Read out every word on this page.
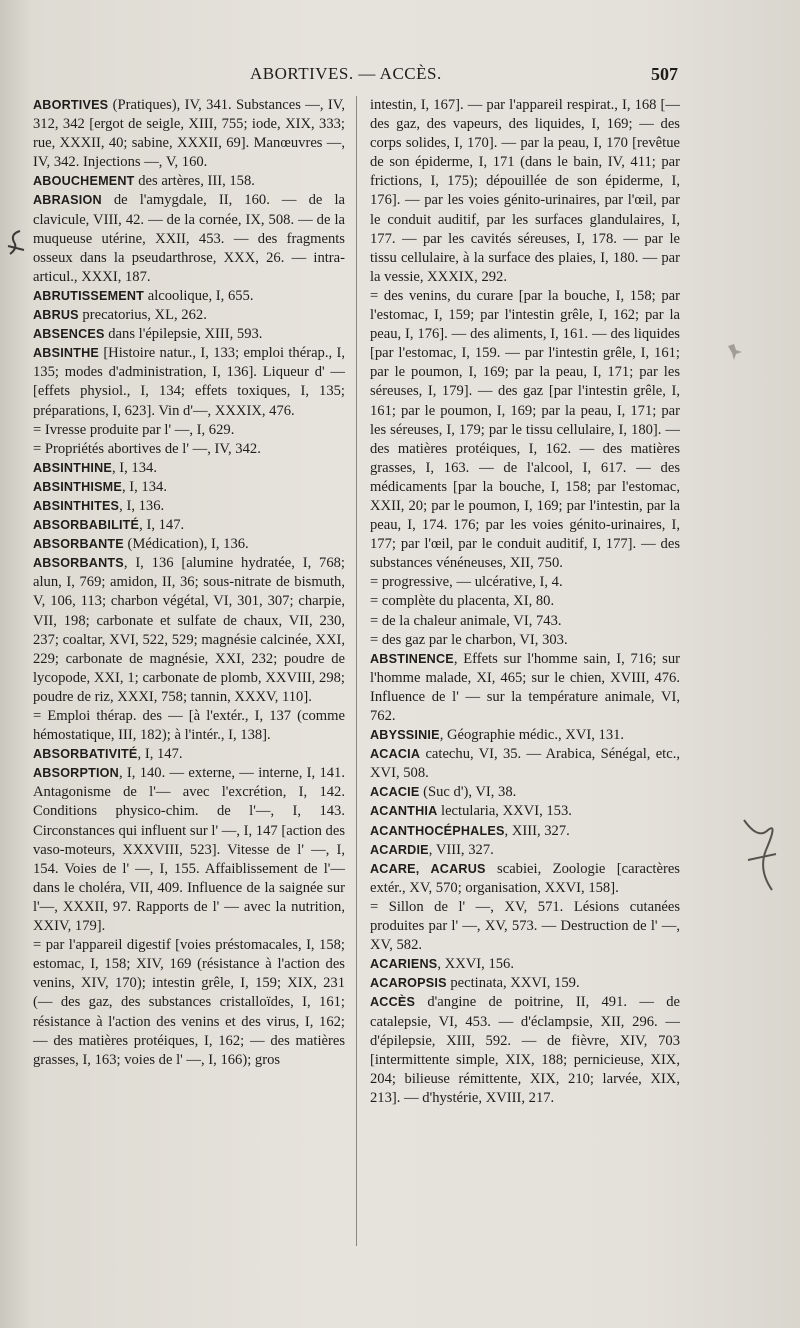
ABORTIVES. — ACCÈS.	507

ABORTIVES (Pratiques), IV, 341. Substances —, IV, 312, 342 [ergot de seigle, XIII, 755; iode, XIX, 333; rue, XXXII, 40; sabine, XXXII, 69]. Manœuvres —, IV, 342. Injections —, V, 160.

ABOUCHEMENT des artères, III, 158.

ABRASION de l'amygdale, II, 160. — de la clavicule, VIII, 42. — de la cornée, IX, 508. — de la muqueuse utérine, XXII, 453. — des fragments osseux dans la pseudarthrose, XXX, 26. — intra-articul., XXXI, 187.

ABRUTISSEMENT alcoolique, I, 655.

ABRUS precatorius, XL, 262.

ABSENCES dans l'épilepsie, XIII, 593.

ABSINTHE [Histoire natur., I, 133; emploi thérap., I, 135; modes d'administration, I, 136]. Liqueur d' — [effets physiol., I, 134; effets toxiques, I, 135; préparations, I, 623]. Vin d'—, XXXIX, 476.

= Ivresse produite par l' —, I, 629.

= Propriétés abortives de l' —, IV, 342.

ABSINTHINE, I, 134.

ABSINTHISME, I, 134.

ABSINTHITES, I, 136.

ABSORBABILITÉ, I, 147.

ABSORBANTE (Médication), I, 136.

ABSORBANTS, I, 136 [alumine hydratée, I, 768; alun, I, 769; amidon, II, 36; sous-nitrate de bismuth, V, 106, 113; charbon végétal, VI, 301, 307; charpie, VII, 198; carbonate et sulfate de chaux, VII, 230, 237; coaltar, XVI, 522, 529; magnésie calcinée, XXI, 229; carbonate de magnésie, XXI, 232; poudre de lycopode, XXI, 1; carbonate de plomb, XXVIII, 298; poudre de riz, XXXI, 758; tannin, XXXV, 110].

= Emploi thérap. des — [à l'extér., I, 137 (comme hémostatique, III, 182); à l'intér., I, 138].

ABSORBATIVITÉ, I, 147.

ABSORPTION, I, 140. — externe, — interne, I, 141. Antagonisme de l'— avec l'excrétion, I, 142. Conditions physico-chim. de l'—, I, 143. Circonstances qui influent sur l' —, I, 147 [action des vaso-moteurs, XXXVIII, 523]. Vitesse de l' —, I, 154. Voies de l' —, I, 155. Affaiblissement de l'— dans le choléra, VII, 409. Influence de la saignée sur l'—, XXXII, 97. Rapports de l' — avec la nutrition, XXIV, 179].

= par l'appareil digestif [voies préstomacales, I, 158; estomac, I, 158; XIV, 169 (résistance à l'action des venins, XIV, 170); intestin grêle, I, 159; XIX, 231 (— des gaz, des substances cristalloïdes, I, 161; résistance à l'action des venins et des virus, I, 162; — des matières protéiques, I, 162; — des matières grasses, I, 163; voies de l' —, I, 166); gros

intestin, I, 167]. — par l'appareil respirat., I, 168 [— des gaz, des vapeurs, des liquides, I, 169; — des corps solides, I, 170]. — par la peau, I, 170 [revêtue de son épiderme, I, 171 (dans le bain, IV, 411; par frictions, I, 175); dépouillée de son épiderme, I, 176]. — par les voies génito-urinaires, par l'œil, par le conduit auditif, par les surfaces glandulaires, I, 177. — par les cavités séreuses, I, 178. — par le tissu cellulaire, à la surface des plaies, I, 180. — par la vessie, XXXIX, 292.

= des venins, du curare [par la bouche, I, 158; par l'estomac, I, 159; par l'intestin grêle, I, 162; par la peau, I, 176]. — des aliments, I, 161. — des liquides [par l'estomac, I, 159. — par l'intestin grêle, I, 161; par le poumon, I, 169; par la peau, I, 171; par les séreuses, I, 179]. — des gaz [par l'intestin grêle, I, 161; par le poumon, I, 169; par la peau, I, 171; par les séreuses, I, 179; par le tissu cellulaire, I, 180]. — des matières protéiques, I, 162. — des matières grasses, I, 163. — de l'alcool, I, 617. — des médicaments [par la bouche, I, 158; par l'estomac, XXII, 20; par le poumon, I, 169; par l'intestin, par la peau, I, 174. 176; par les voies génito-urinaires, I, 177; par l'œil, par le conduit auditif, I, 177]. — des substances vénéneuses, XII, 750.

= progressive, — ulcérative, I, 4.

= complète du placenta, XI, 80.

= de la chaleur animale, VI, 743.

= des gaz par le charbon, VI, 303.

ABSTINENCE, Effets sur l'homme sain, I, 716; sur l'homme malade, XI, 465; sur le chien, XVIII, 476. Influence de l' — sur la température animale, VI, 762.

ABYSSINIE, Géographie médic., XVI, 131.

ACACIA catechu, VI, 35. — Arabica, Sénégal, etc., XVI, 508.

ACACIE (Suc d'), VI, 38.

ACANTHIA lectularia, XXVI, 153.

ACANTHOCÉPHALES, XIII, 327.

ACARDIE, VIII, 327.

ACARE, ACARUS scabiei, Zoologie [caractères extér., XV, 570; organisation, XXVI, 158].

= Sillon de l' —, XV, 571. Lésions cutanées produites par l' —, XV, 573. — Destruction de l' —, XV, 582.

ACARIENS, XXVI, 156.

ACAROPSIS pectinata, XXVI, 159.

ACCÈS d'angine de poitrine, II, 491. — de catalepsie, VI, 453. — d'éclampsie, XII, 296. — d'épilepsie, XIII, 592. — de fièvre, XIV, 703 [intermittente simple, XIX, 188; pernicieuse, XIX, 204; bilieuse rémittente, XIX, 210; larvée, XIX, 213]. — d'hystérie, XVIII, 217.
